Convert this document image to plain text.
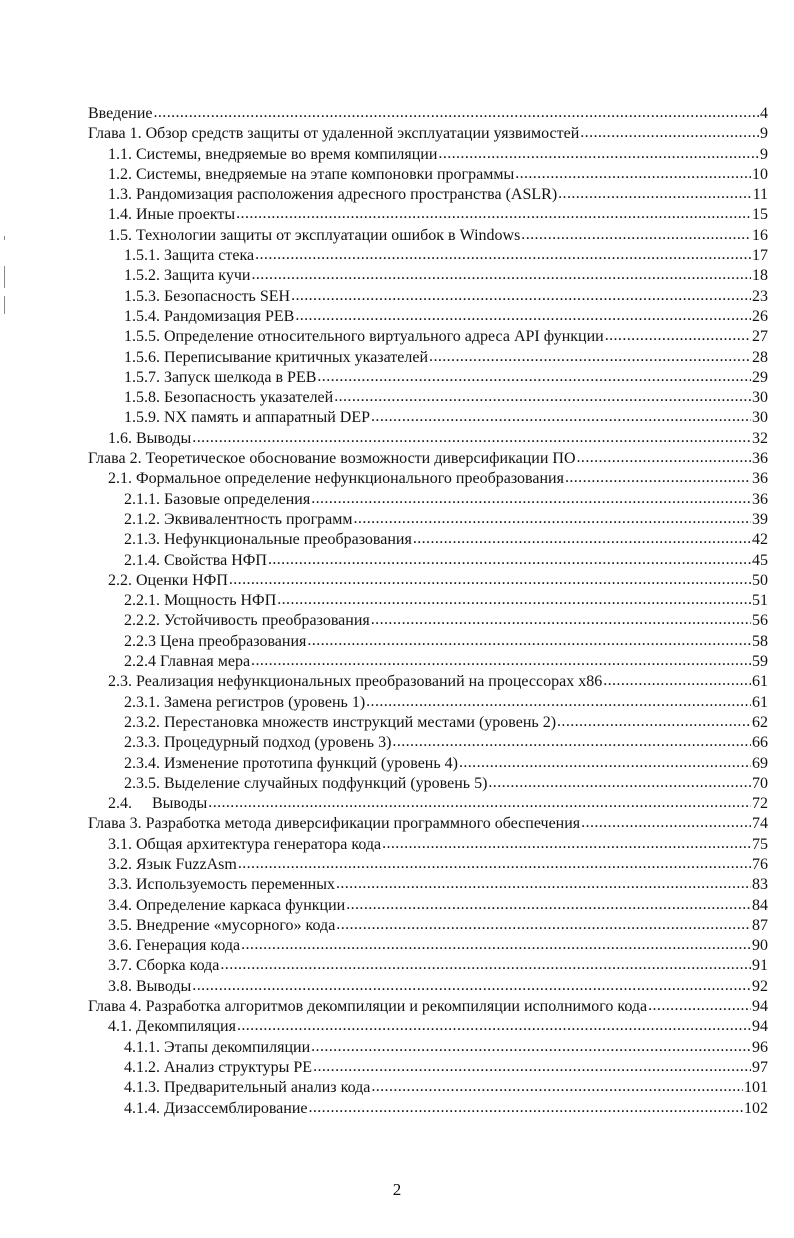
Введение .....	4
Глава 1. Обзор средств защиты от удаленной эксплуатации уязвимостей .....	9
1.1. Системы, внедряемые во время компиляции .....	9
1.2. Системы, внедряемые на этапе компоновки программы .....	10
1.3. Рандомизация расположения адресного пространства (ASLR) .....	11
1.4. Иные проекты .....	15
1.5. Технологии защиты от эксплуатации ошибок в Windows .....	16
1.5.1. Защита стека .....	17
1.5.2. Защита кучи .....	18
1.5.3. Безопасность SEH .....	23
1.5.4. Рандомизация PEB .....	26
1.5.5. Определение относительного виртуального адреса API функции .....	27
1.5.6. Переписывание критичных указателей .....	28
1.5.7. Запуск шелкода в PEB .....	29
1.5.8. Безопасность указателей .....	30
1.5.9. NX память и аппаратный DEP .....	30
1.6. Выводы .....	32
Глава 2. Теоретическое обоснование возможности диверсификации ПО .....	36
2.1. Формальное определение нефункционального преобразования .....	36
2.1.1. Базовые определения .....	36
2.1.2. Эквивалентность программ .....	39
2.1.3. Нефункциональные преобразования .....	42
2.1.4. Свойства НФП .....	45
2.2. Оценки НФП .....	50
2.2.1. Мощность НФП .....	51
2.2.2. Устойчивость преобразования .....	56
2.2.3 Цена преобразования .....	58
2.2.4 Главная мера .....	59
2.3. Реализация нефункциональных преобразований на процессорах x86 .....	61
2.3.1. Замена регистров (уровень 1) .....	61
2.3.2. Перестановка множеств инструкций местами (уровень 2) .....	62
2.3.3. Процедурный подход (уровень 3) .....	66
2.3.4. Изменение прототипа функций (уровень 4) .....	69
2.3.5. Выделение случайных подфункций (уровень 5) .....	70
2.4.     Выводы .....	72
Глава 3. Разработка метода диверсификации программного обеспечения .....	74
3.1. Общая архитектура генератора кода .....	75
3.2. Язык FuzzAsm .....	76
3.3. Используемость переменных .....	83
3.4. Определение каркаса функции .....	84
3.5. Внедрение «мусорного» кода .....	87
3.6. Генерация кода .....	90
3.7. Сборка кода .....	91
3.8. Выводы .....	92
Глава 4. Разработка алгоритмов декомпиляции и рекомпиляции исполнимого кода .....	94
4.1. Декомпиляция .....	94
4.1.1. Этапы декомпиляции .....	96
4.1.2. Анализ структуры PE .....	97
4.1.3. Предварительный анализ кода .....	101
4.1.4. Дизассемблирование .....	102
2
